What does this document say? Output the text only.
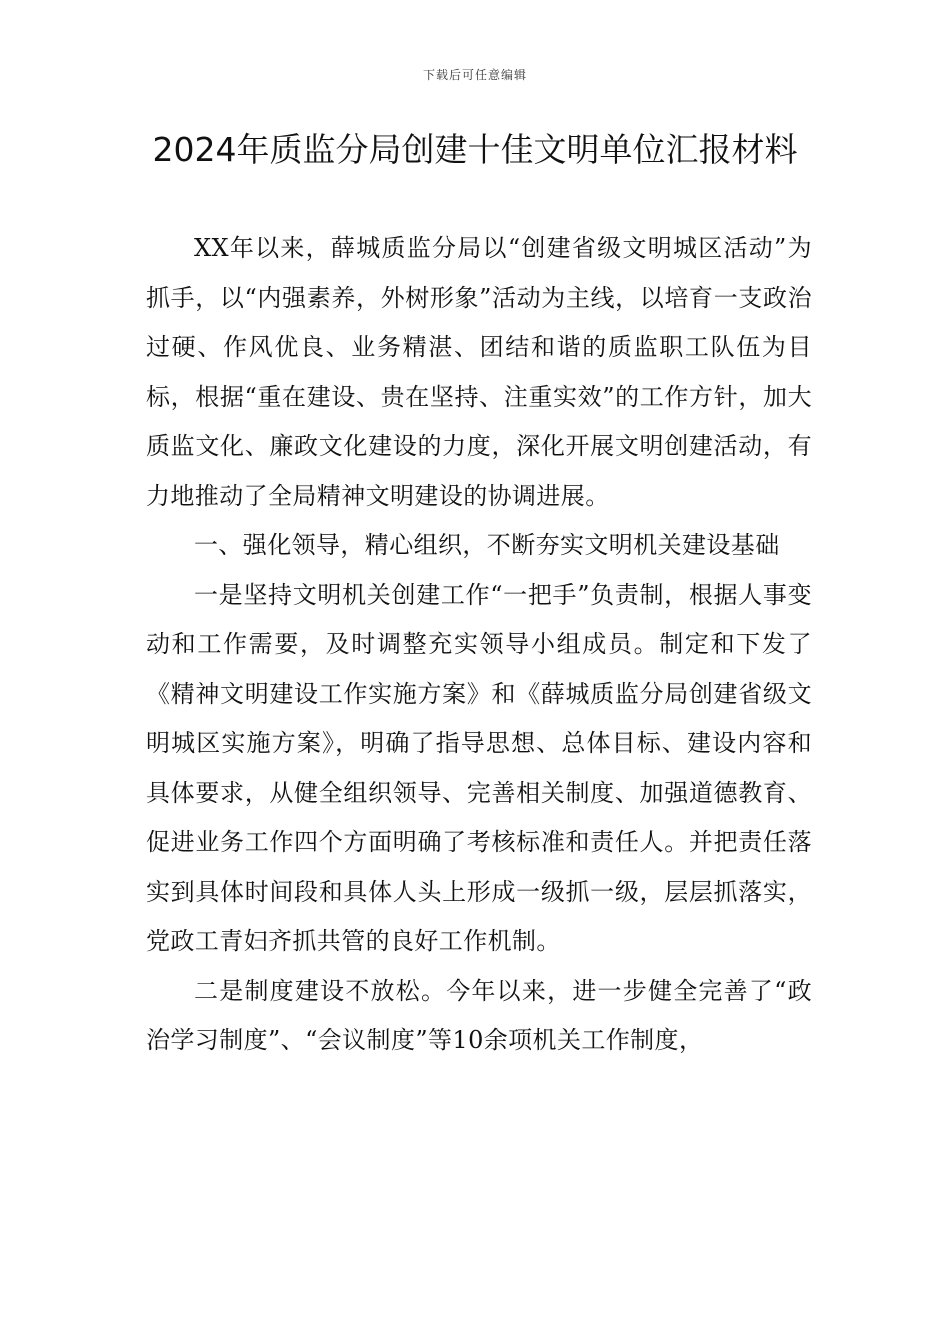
下载后可任意编辑
2024年质监分局创建十佳文明单位汇报材料

XX年以来，薛城质监分局以“创建省级文明城区活动”为抓手，以“内强素养，外树形象”活动为主线，以培育一支政治过硬、作风优良、业务精湛、团结和谐的质监职工队伍为目标，根据“重在建设、贵在坚持、注重实效”的工作方针，加大质监文化、廉政文化建设的力度，深化开展文明创建活动，有力地推动了全局精神文明建设的协调进展。

一、强化领导，精心组织，不断夯实文明机关建设基础

一是坚持文明机关创建工作“一把手”负责制，根据人事变动和工作需要，及时调整充实领导小组成员。制定和下发了《精神文明建设工作实施方案》和《薛城质监分局创建省级文明城区实施方案》，明确了指导思想、总体目标、建设内容和具体要求，从健全组织领导、完善相关制度、加强道德教育、促进业务工作四个方面明确了考核标准和责任人。并把责任落实到具体时间段和具体人头上形成一级抓一级，层层抓落实，党政工青妇齐抓共管的良好工作机制。

二是制度建设不放松。今年以来，进一步健全完善了“政治学习制度”、“会议制度”等10余项机关工作制度，
